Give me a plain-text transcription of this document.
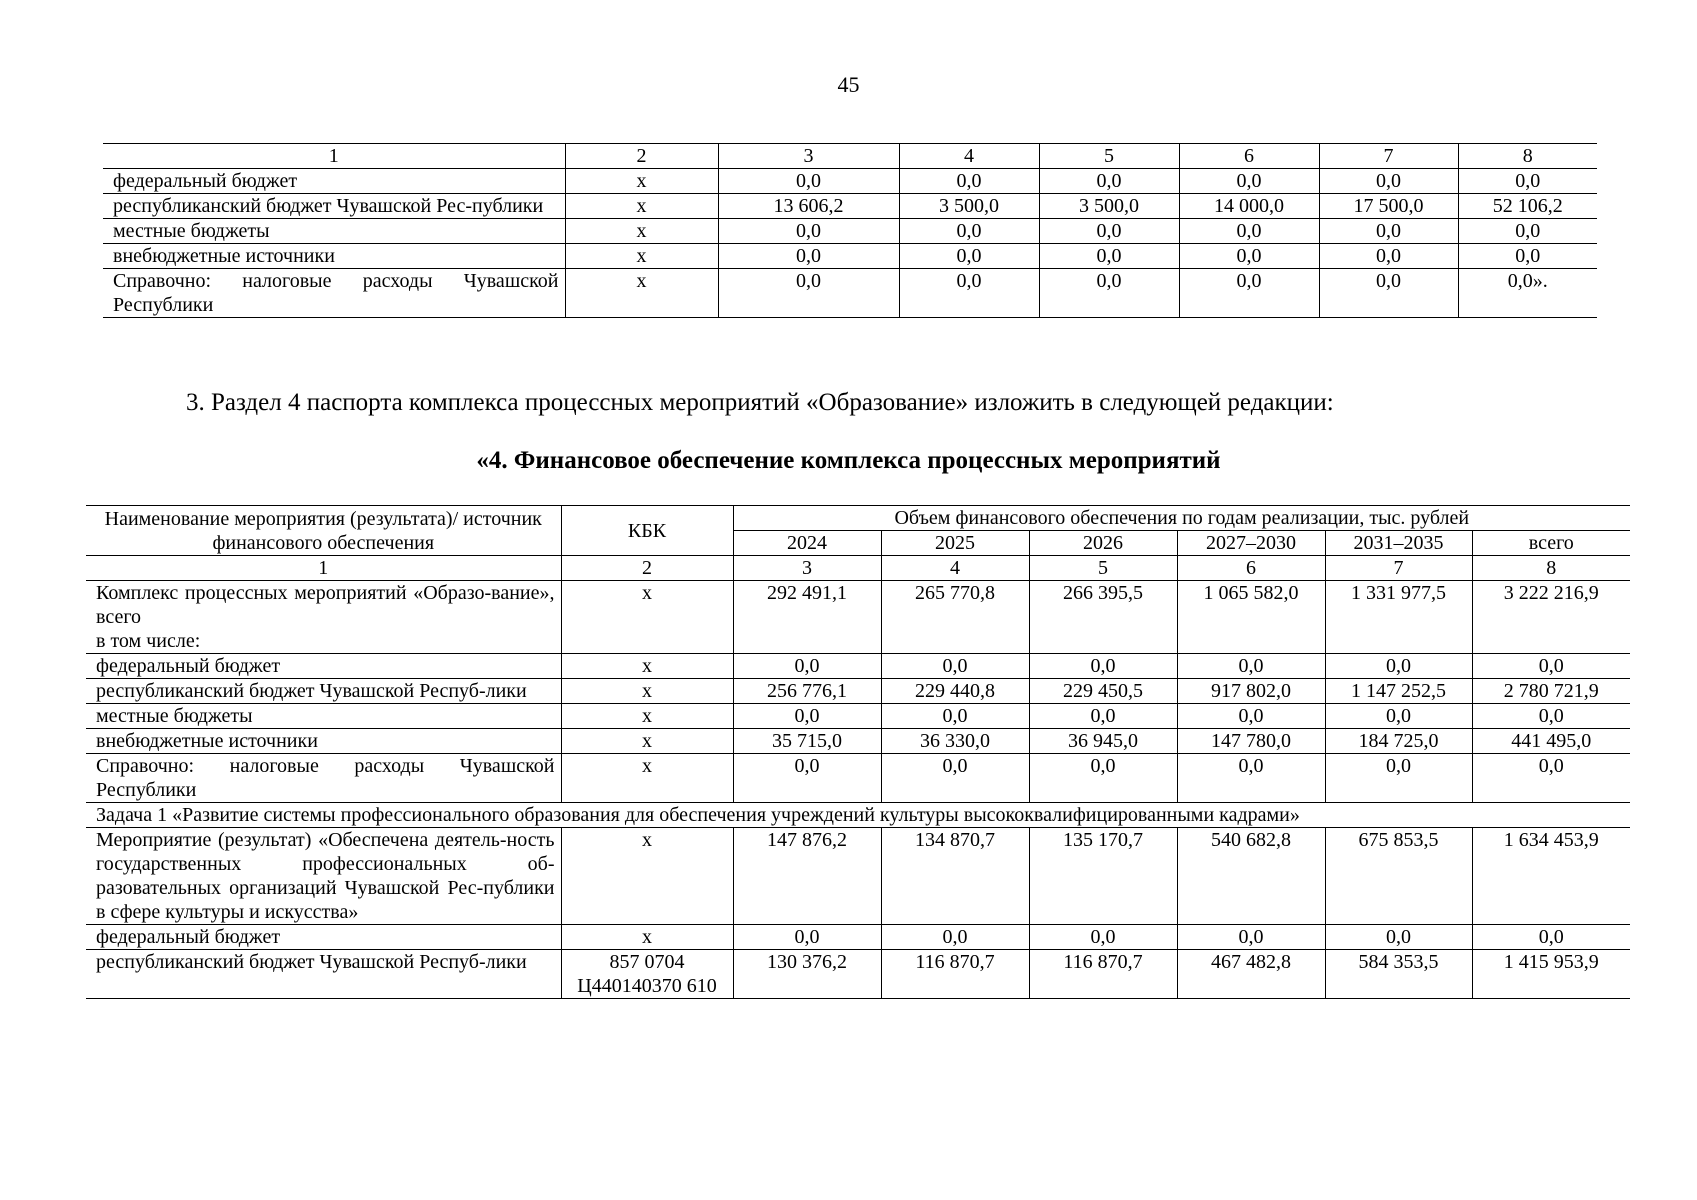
45
1	2	3	4	5	6	7	8
федеральный бюджет	х	0,0	0,0	0,0	0,0	0,0	0,0
республиканский бюджет Чувашской Рес-публики	х	13 606,2	3 500,0	3 500,0	14 000,0	17 500,0	52 106,2
местные бюджеты	х	0,0	0,0	0,0	0,0	0,0	0,0
внебюджетные источники	х	0,0	0,0	0,0	0,0	0,0	0,0
Справочно: налоговые расходы Чувашской Республики	х	0,0	0,0	0,0	0,0	0,0	0,0».
3. Раздел 4 паспорта комплекса процессных мероприятий «Образование» изложить в следующей редакции:
«4. Финансовое обеспечение комплекса процессных мероприятий
Наименование мероприятия (результата)/ источник финансового обеспечения	КБК	Объем финансового обеспечения по годам реализации, тыс. рублей					
		2024	2025	2026	2027–2030	2031–2035	всего
1	2	3	4	5	6	7	8
Комплекс процессных мероприятий «Образо-вание», всего
в том числе:	х	292 491,1	265 770,8	266 395,5	1 065 582,0	1 331 977,5	3 222 216,9
федеральный бюджет	х	0,0	0,0	0,0	0,0	0,0	0,0
республиканский бюджет Чувашской Респуб-лики	х	256 776,1	229 440,8	229 450,5	917 802,0	1 147 252,5	2 780 721,9
местные бюджеты	х	0,0	0,0	0,0	0,0	0,0	0,0
внебюджетные источники	х	35 715,0	36 330,0	36 945,0	147 780,0	184 725,0	441 495,0
Справочно: налоговые расходы Чувашской Республики	х	0,0	0,0	0,0	0,0	0,0	0,0
Задача 1 «Развитие системы профессионального образования для обеспечения учреждений культуры высококвалифицированными кадрами»							
Мероприятие (результат) «Обеспечена деятель-ность государственных профессиональных об-разовательных организаций Чувашской Рес-публики в сфере культуры и искусства»	х	147 876,2	134 870,7	135 170,7	540 682,8	675 853,5	1 634 453,9
федеральный бюджет	х	0,0	0,0	0,0	0,0	0,0	0,0
республиканский бюджет Чувашской Респуб-лики	857 0704 Ц440140370 610	130 376,2	116 870,7	116 870,7	467 482,8	584 353,5	1 415 953,9
